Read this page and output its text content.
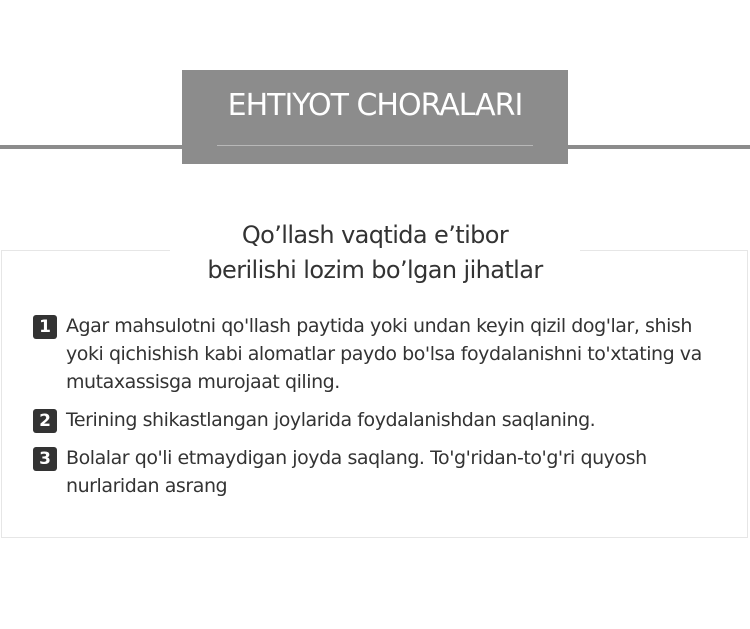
EHTIYOT CHORALARI
Qo’llash vaqtida e’tibor
berilishi lozim bo’lgan jihatlar
1 Agar mahsulotni qo'llash paytida yoki undan keyin qizil dog'lar, shish yoki qichishish kabi alomatlar paydo bo'lsa foydalanishni to'xtating va mutaxassisga murojaat qiling.
2 Terining shikastlangan joylarida foydalanishdan saqlaning.
3 Bolalar qo'li etmaydigan joyda saqlang. To'g'ridan-to'g'ri quyosh nurlaridan asrang
